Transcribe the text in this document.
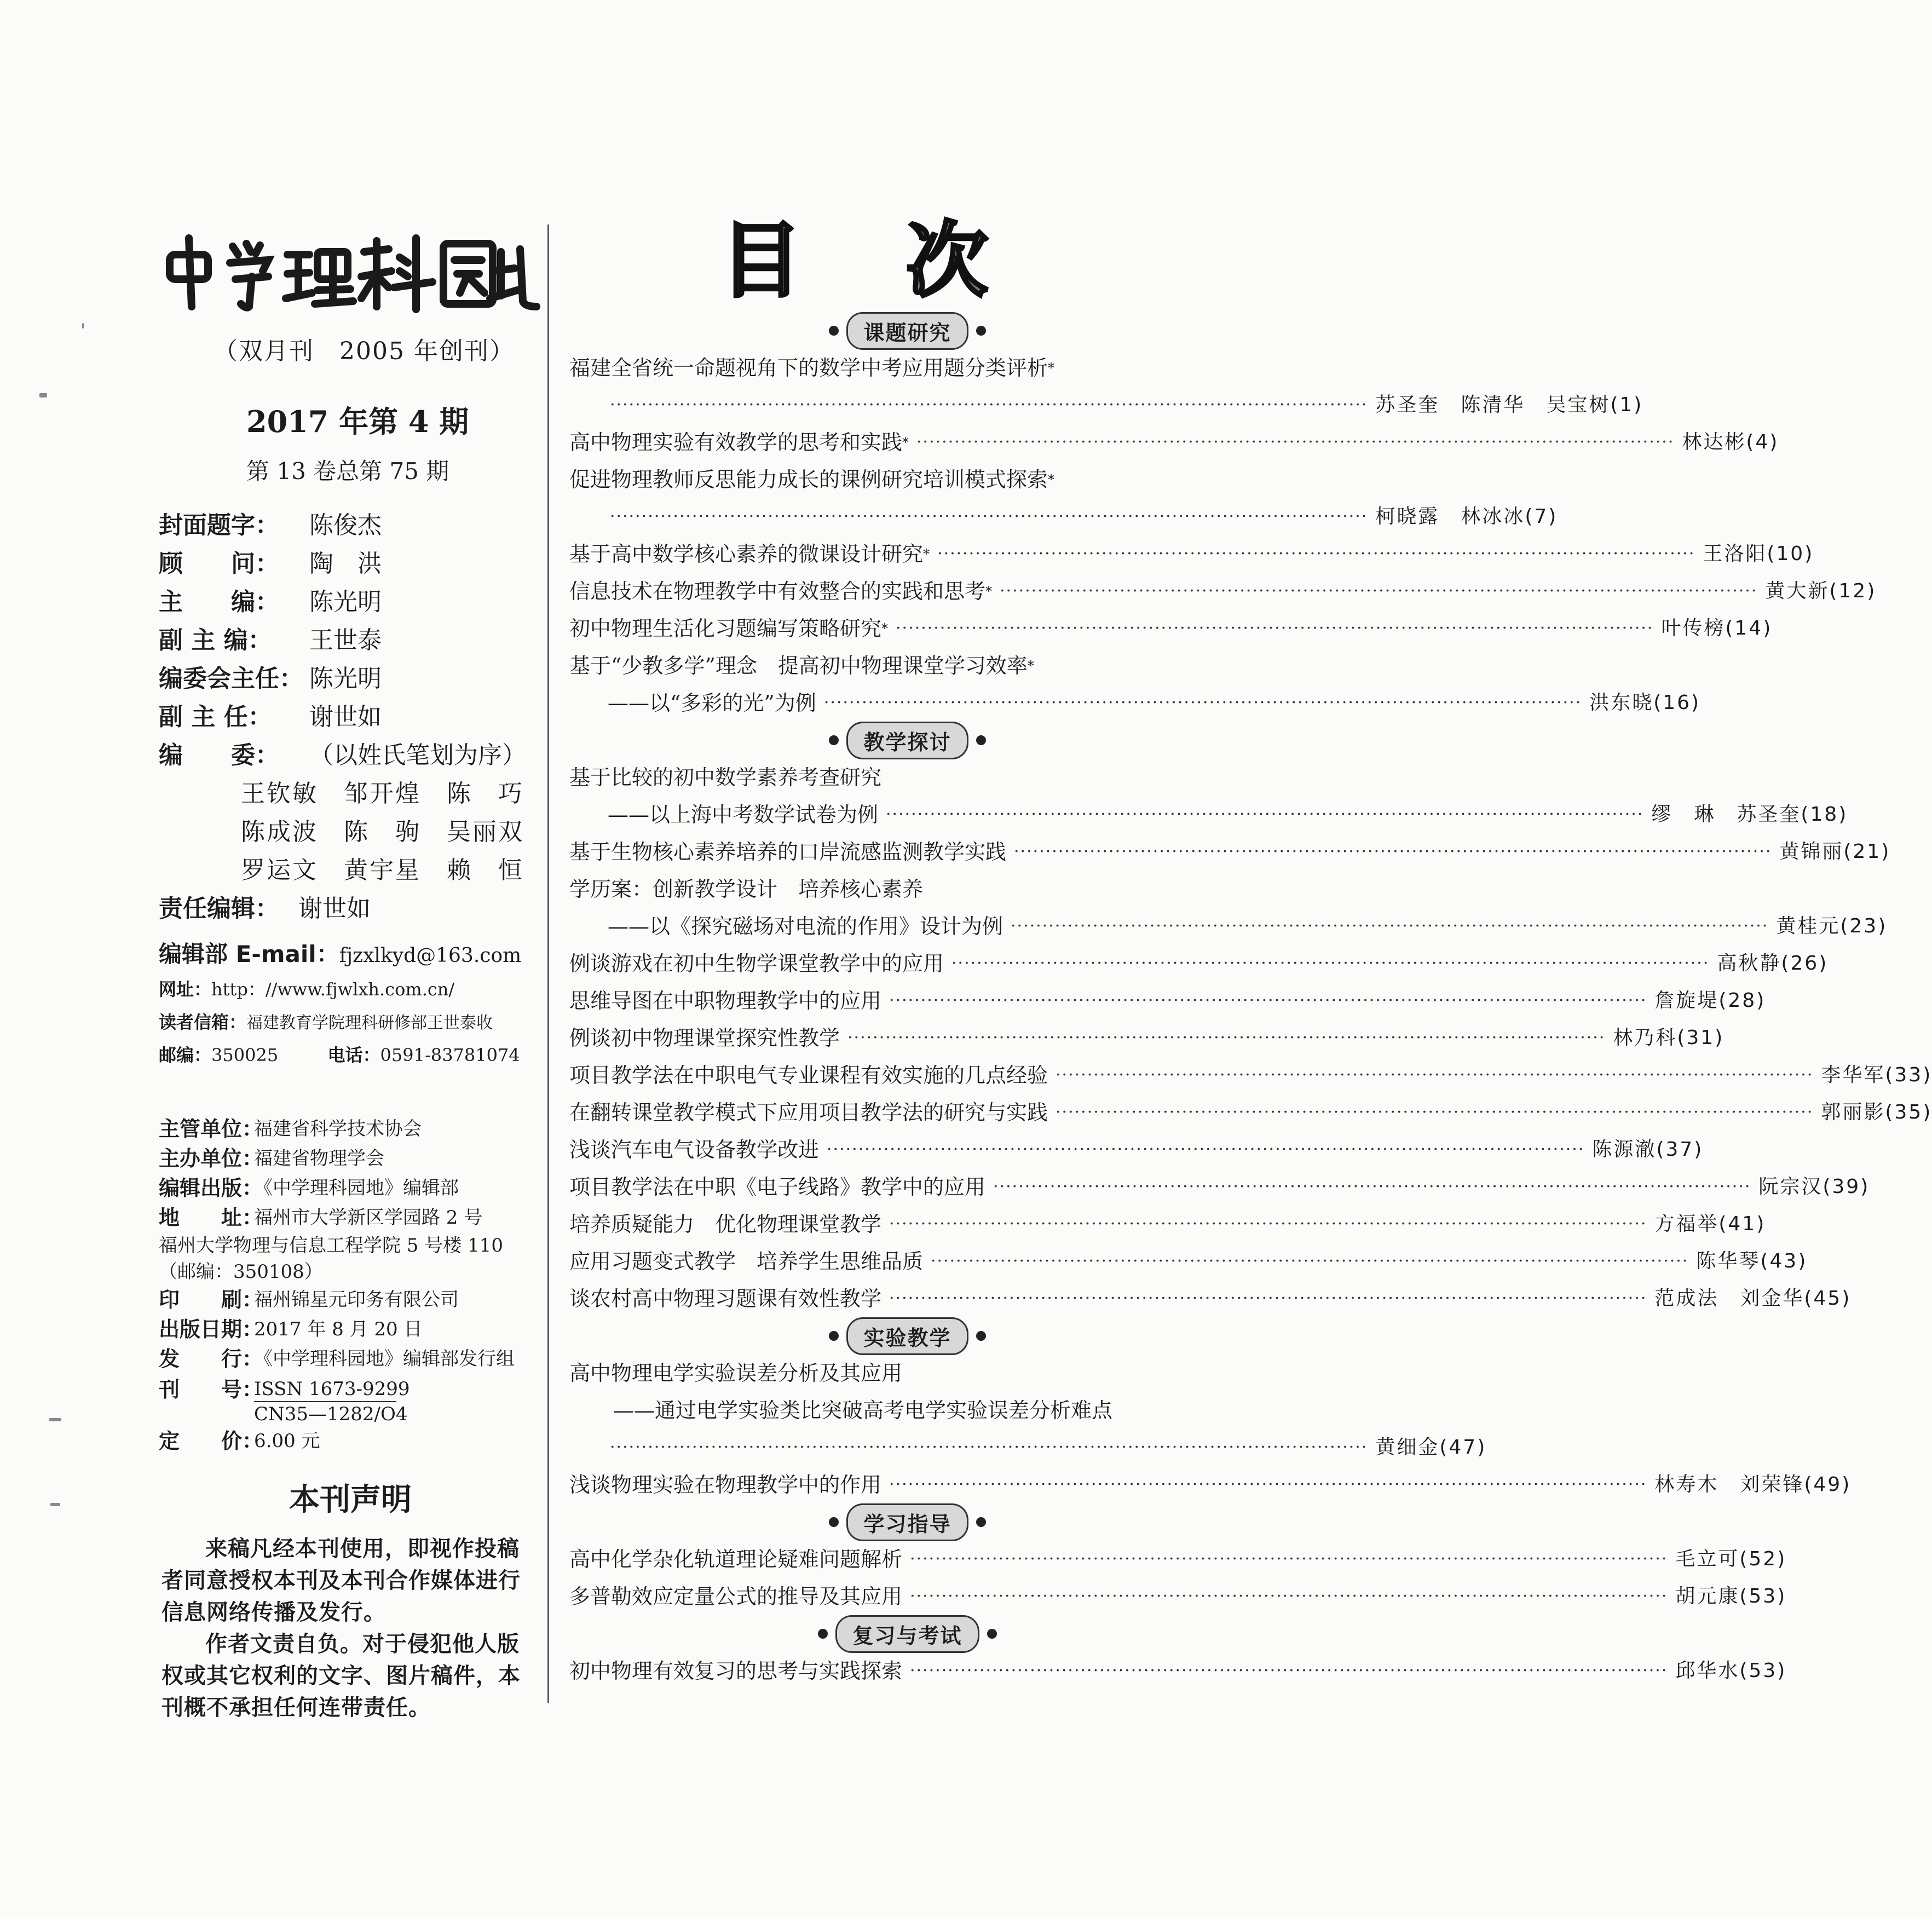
（双月刊　2005 年创刊）
2017 年第 4 期
第 13 卷总第 75 期
封面题字：	陈俊杰
顾　　问：	陶　洪
主　　编：	陈光明
副 主 编：	王世泰
编委会主任： 陈光明
副 主 任：	谢世如
编　　委：	（以姓氏笔划为序）
王钦敏　邹开煌　陈　巧
陈成波　陈　驹　吴丽双
罗运文　黄宇星　赖　恒
责任编辑： 谢世如
编辑部 E-mail：fjzxlkyd@163.com
网址：http：//www.fjwlxh.com.cn/
读者信箱：福建教育学院理科研修部王世泰收
邮编：350025	电话：0591-83781074
主管单位：
福建省科学技术协会
主办单位：
福建省物理学会
编辑出版：
《中学理科园地》编辑部
地　　址：
福州市大学新区学园路 2 号
福州大学物理与信息工程学院 5 号楼 110
（邮编：350108）
印　　刷：
福州锦星元印务有限公司
出版日期：
2017 年 8 月 20 日
发　　行：
《中学理科园地》编辑部发行组
刊　　号：
ISSN 1673-9299
CN35—1282/O4
定　　价：
6.00 元
本刊声明

来稿凡经本刊使用，即视作投稿者同意授权本刊及本刊合作媒体进行信息网络传播及发行。

作者文责自负。对于侵犯他人版权或其它权利的文字、图片稿件，本刊概不承担任何连带责任。

目　次
课题研究
福建全省统一命题视角下的数学中考应用题分类评析 *
························································································································ 苏圣奎　陈清华　吴宝树(1)
高中物理实验有效教学的思考和实践 * ························································································································ 林达彬(4)
促进物理教师反思能力成长的课例研究培训模式探索 *
························································································································ 柯晓露　林冰冰(7)
基于高中数学核心素养的微课设计研究 * ························································································································ 王洛阳(10)
信息技术在物理教学中有效整合的实践和思考 * ························································································································ 黄大新(12)
初中物理生活化习题编写策略研究 * ························································································································ 叶传榜(14)
基于“少教多学”理念　提高初中物理课堂学习效率 *
——以“多彩的光”为例 ························································································································ 洪东晓(16)
教学探讨
基于比较的初中数学素养考查研究
——以上海中考数学试卷为例 ························································································································ 缪　琳　苏圣奎(18)
基于生物核心素养培养的口岸流感监测教学实践 ························································································································ 黄锦丽(21)
学历案：创新教学设计　培养核心素养
——以《探究磁场对电流的作用》设计为例 ························································································································ 黄桂元(23)
例谈游戏在初中生物学课堂教学中的应用 ························································································································ 高秋静(26)
思维导图在中职物理教学中的应用 ························································································································ 詹旋堤(28)
例谈初中物理课堂探究性教学 ························································································································ 林乃科(31)
项目教学法在中职电气专业课程有效实施的几点经验 ························································································································ 李华军(33)
在翻转课堂教学模式下应用项目教学法的研究与实践 ························································································································ 郭丽影(35)
浅谈汽车电气设备教学改进 ························································································································ 陈源澈(37)
项目教学法在中职《电子线路》教学中的应用 ························································································································ 阮宗汉(39)
培养质疑能力　优化物理课堂教学 ························································································································ 方福举(41)
应用习题变式教学　培养学生思维品质 ························································································································ 陈华琴(43)
谈农村高中物理习题课有效性教学 ························································································································ 范成法　刘金华(45)
实验教学
高中物理电学实验误差分析及其应用
——通过电学实验类比突破高考电学实验误差分析难点
························································································································ 黄细金(47)
浅谈物理实验在物理教学中的作用 ························································································································ 林寿木　刘荣锋(49)
学习指导
高中化学杂化轨道理论疑难问题解析 ························································································································ 毛立可(52)
多普勒效应定量公式的推导及其应用 ························································································································ 胡元康(53)
复习与考试
初中物理有效复习的思考与实践探索 ························································································································ 邱华水(53)
